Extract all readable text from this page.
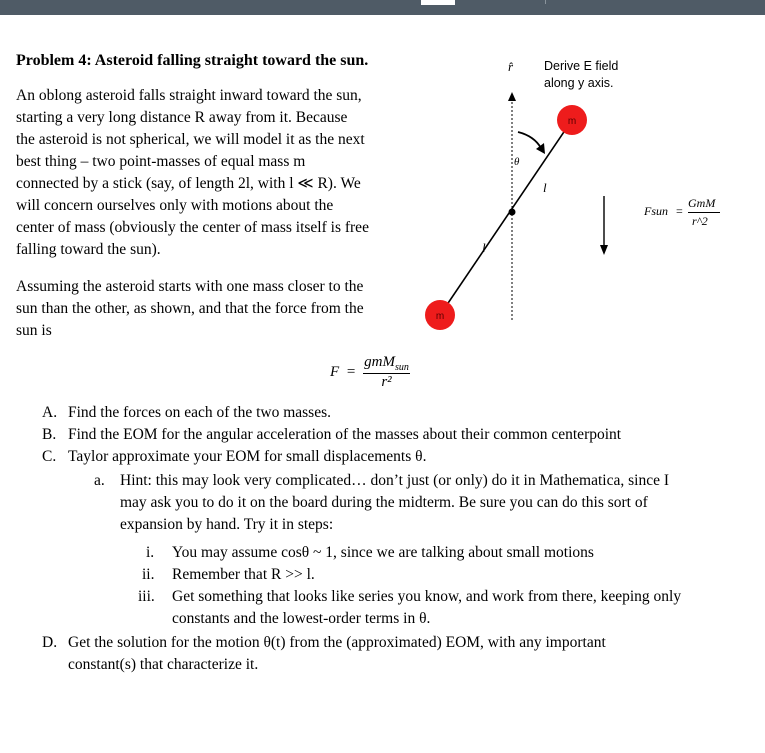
Problem 4: Asteroid falling straight toward the sun.
An oblong asteroid falls straight inward toward the sun,
starting a very long distance R away from it. Because
the asteroid is not spherical, we will model it as the next
best thing – two point-masses of equal mass m
connected by a stick (say, of length 2l, with l ≪ R). We
will concern ourselves only with motions about the
center of mass (obviously the center of mass itself is free
falling toward the sun).
Assuming the asteroid starts with one mass closer to the
sun than the other, as shown, and that the force from the
sun is
$F = \frac{gmM_{sun}}{\text{r²}}$
m
m
r̂
θ
l
l
Derive E field
along y axis.
Fsun =
GmM
r^2
A. Find the forces on each of the two masses.
B. Find the EOM for the angular acceleration of the masses about their common centerpoint
C. Taylor approximate your EOM for small displacements θ.
a. Hint: this may look very complicated… don’t just (or only) do it in Mathematica, since I
may ask you to do it on the board during the midterm. Be sure you can do this sort of
expansion by hand. Try it in steps:
i. You may assume cosθ ~ 1, since we are talking about small motions
ii. Remember that R >> l.
iii. Get something that looks like series you know, and work from there, keeping only
constants and the lowest-order terms in θ.
D. Get the solution for the motion θ(t) from the (approximated) EOM, with any important
constant(s) that characterize it.
